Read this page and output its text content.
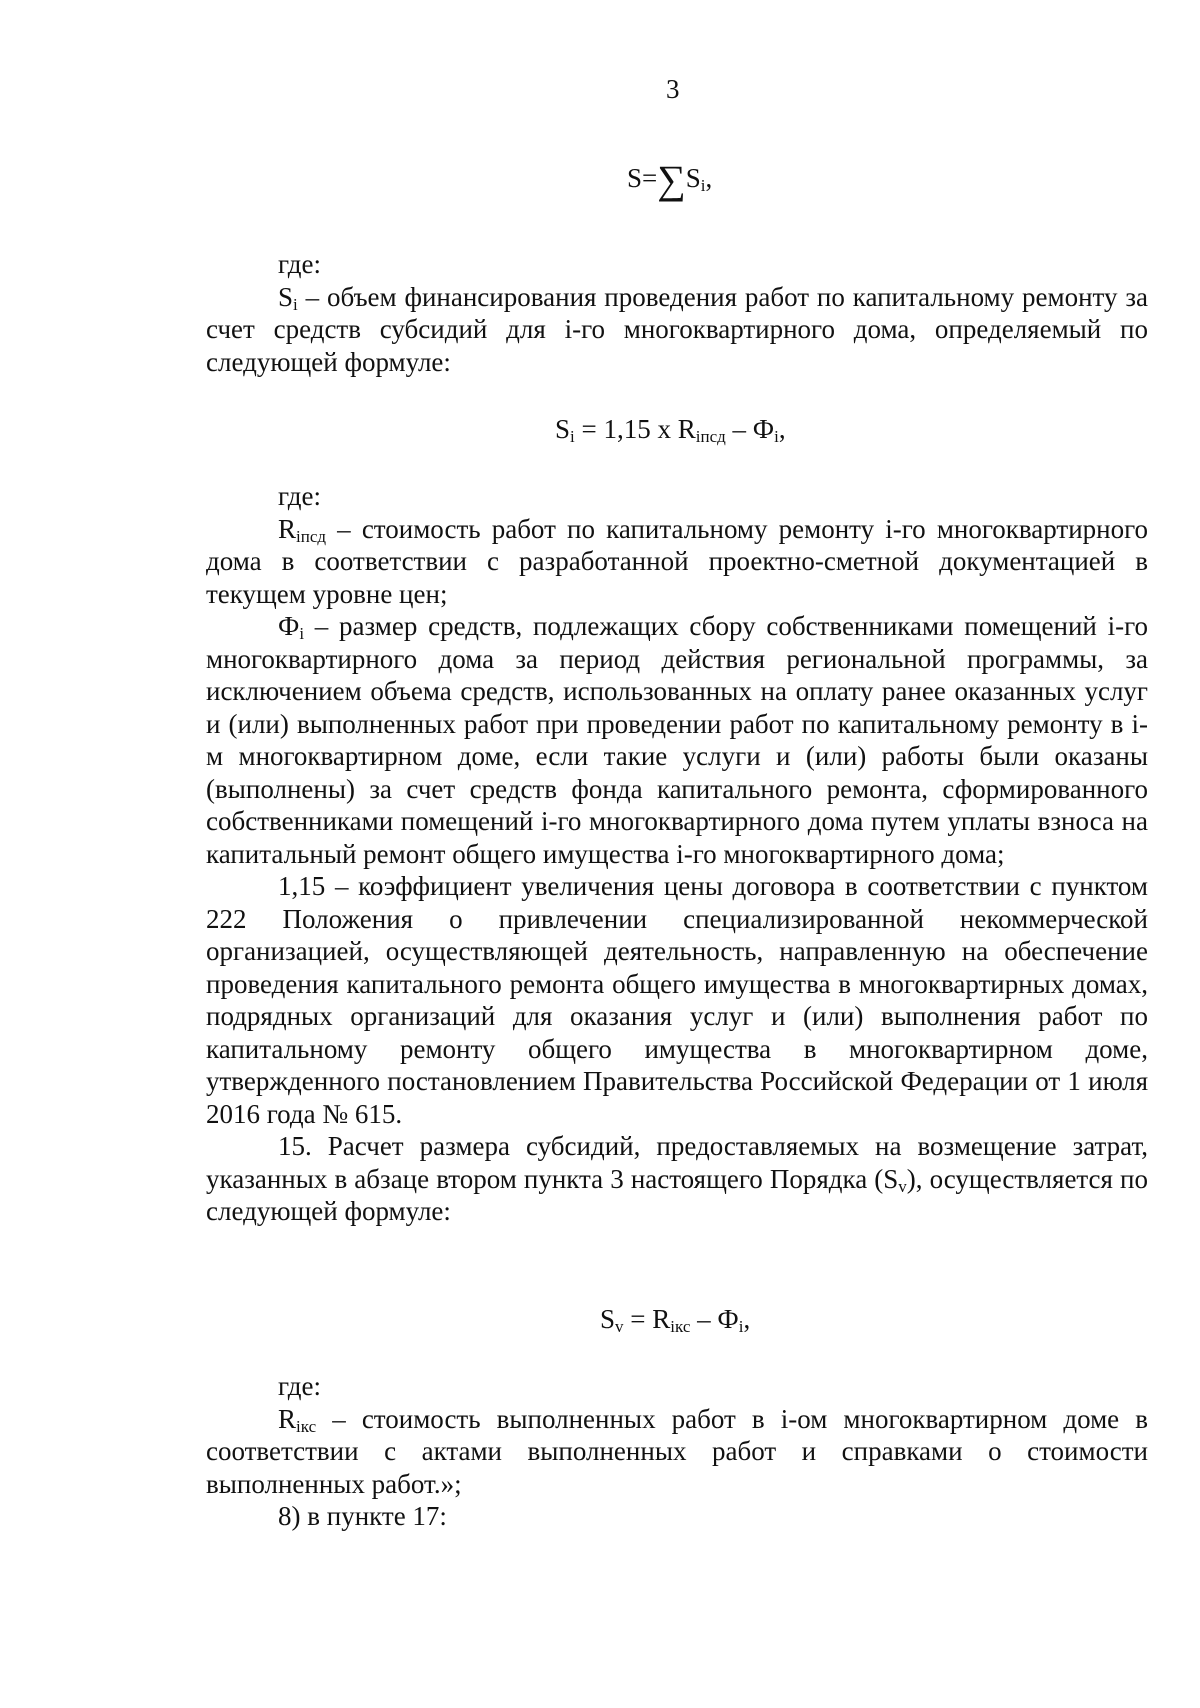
3
$S=\sum S_i$,

где:

$S_i$ – объем финансирования проведения работ по капитальному ремонту за счет средств субсидий для i-го многоквартирного дома, определяемый по следующей формуле:

$S_i = 1,15$ x $R_{iпсд} - Ф_i$,

где:

$R_{iпсд}$ – стоимость работ по капитальному ремонту i-го многоквартирного дома в соответствии с разработанной проектно-сметной документацией в текущем уровне цен;

$Ф_i$ – размер средств, подлежащих сбору собственниками помещений i-го многоквартирного дома за период действия региональной программы, за исключением объема средств, использованных на оплату ранее оказанных услуг и (или) выполненных работ при проведении работ по капитальному ремонту в i-м многоквартирном доме, если такие услуги и (или) работы были оказаны (выполнены) за счет средств фонда капитального ремонта, сформированного собственниками помещений i-го многоквартирного дома путем уплаты взноса на капитальный ремонт общего имущества i-го многоквартирного дома;

1,15 – коэффициент увеличения цены договора в соответствии с пунктом 222 Положения о привлечении специализированной некоммерческой организацией, осуществляющей деятельность, направленную на обеспечение проведения капитального ремонта общего имущества в многоквартирных домах, подрядных организаций для оказания услуг и (или) выполнения работ по капитальному ремонту общего имущества в многоквартирном доме, утвержденного постановлением Правительства Российской Федерации от 1 июля 2016 года № 615.

15. Расчет размера субсидий, предоставляемых на возмещение затрат, указанных в абзаце втором пункта 3 настоящего Порядка $(S_v)$, осуществляется по следующей формуле:

$S_v = R_{iкс} - Ф_i$,

где:

$R_{iкс}$ – стоимость выполненных работ в i-ом многоквартирном доме в соответствии с актами выполненных работ и справками о стоимости выполненных работ.»;

8) в пункте 17:
